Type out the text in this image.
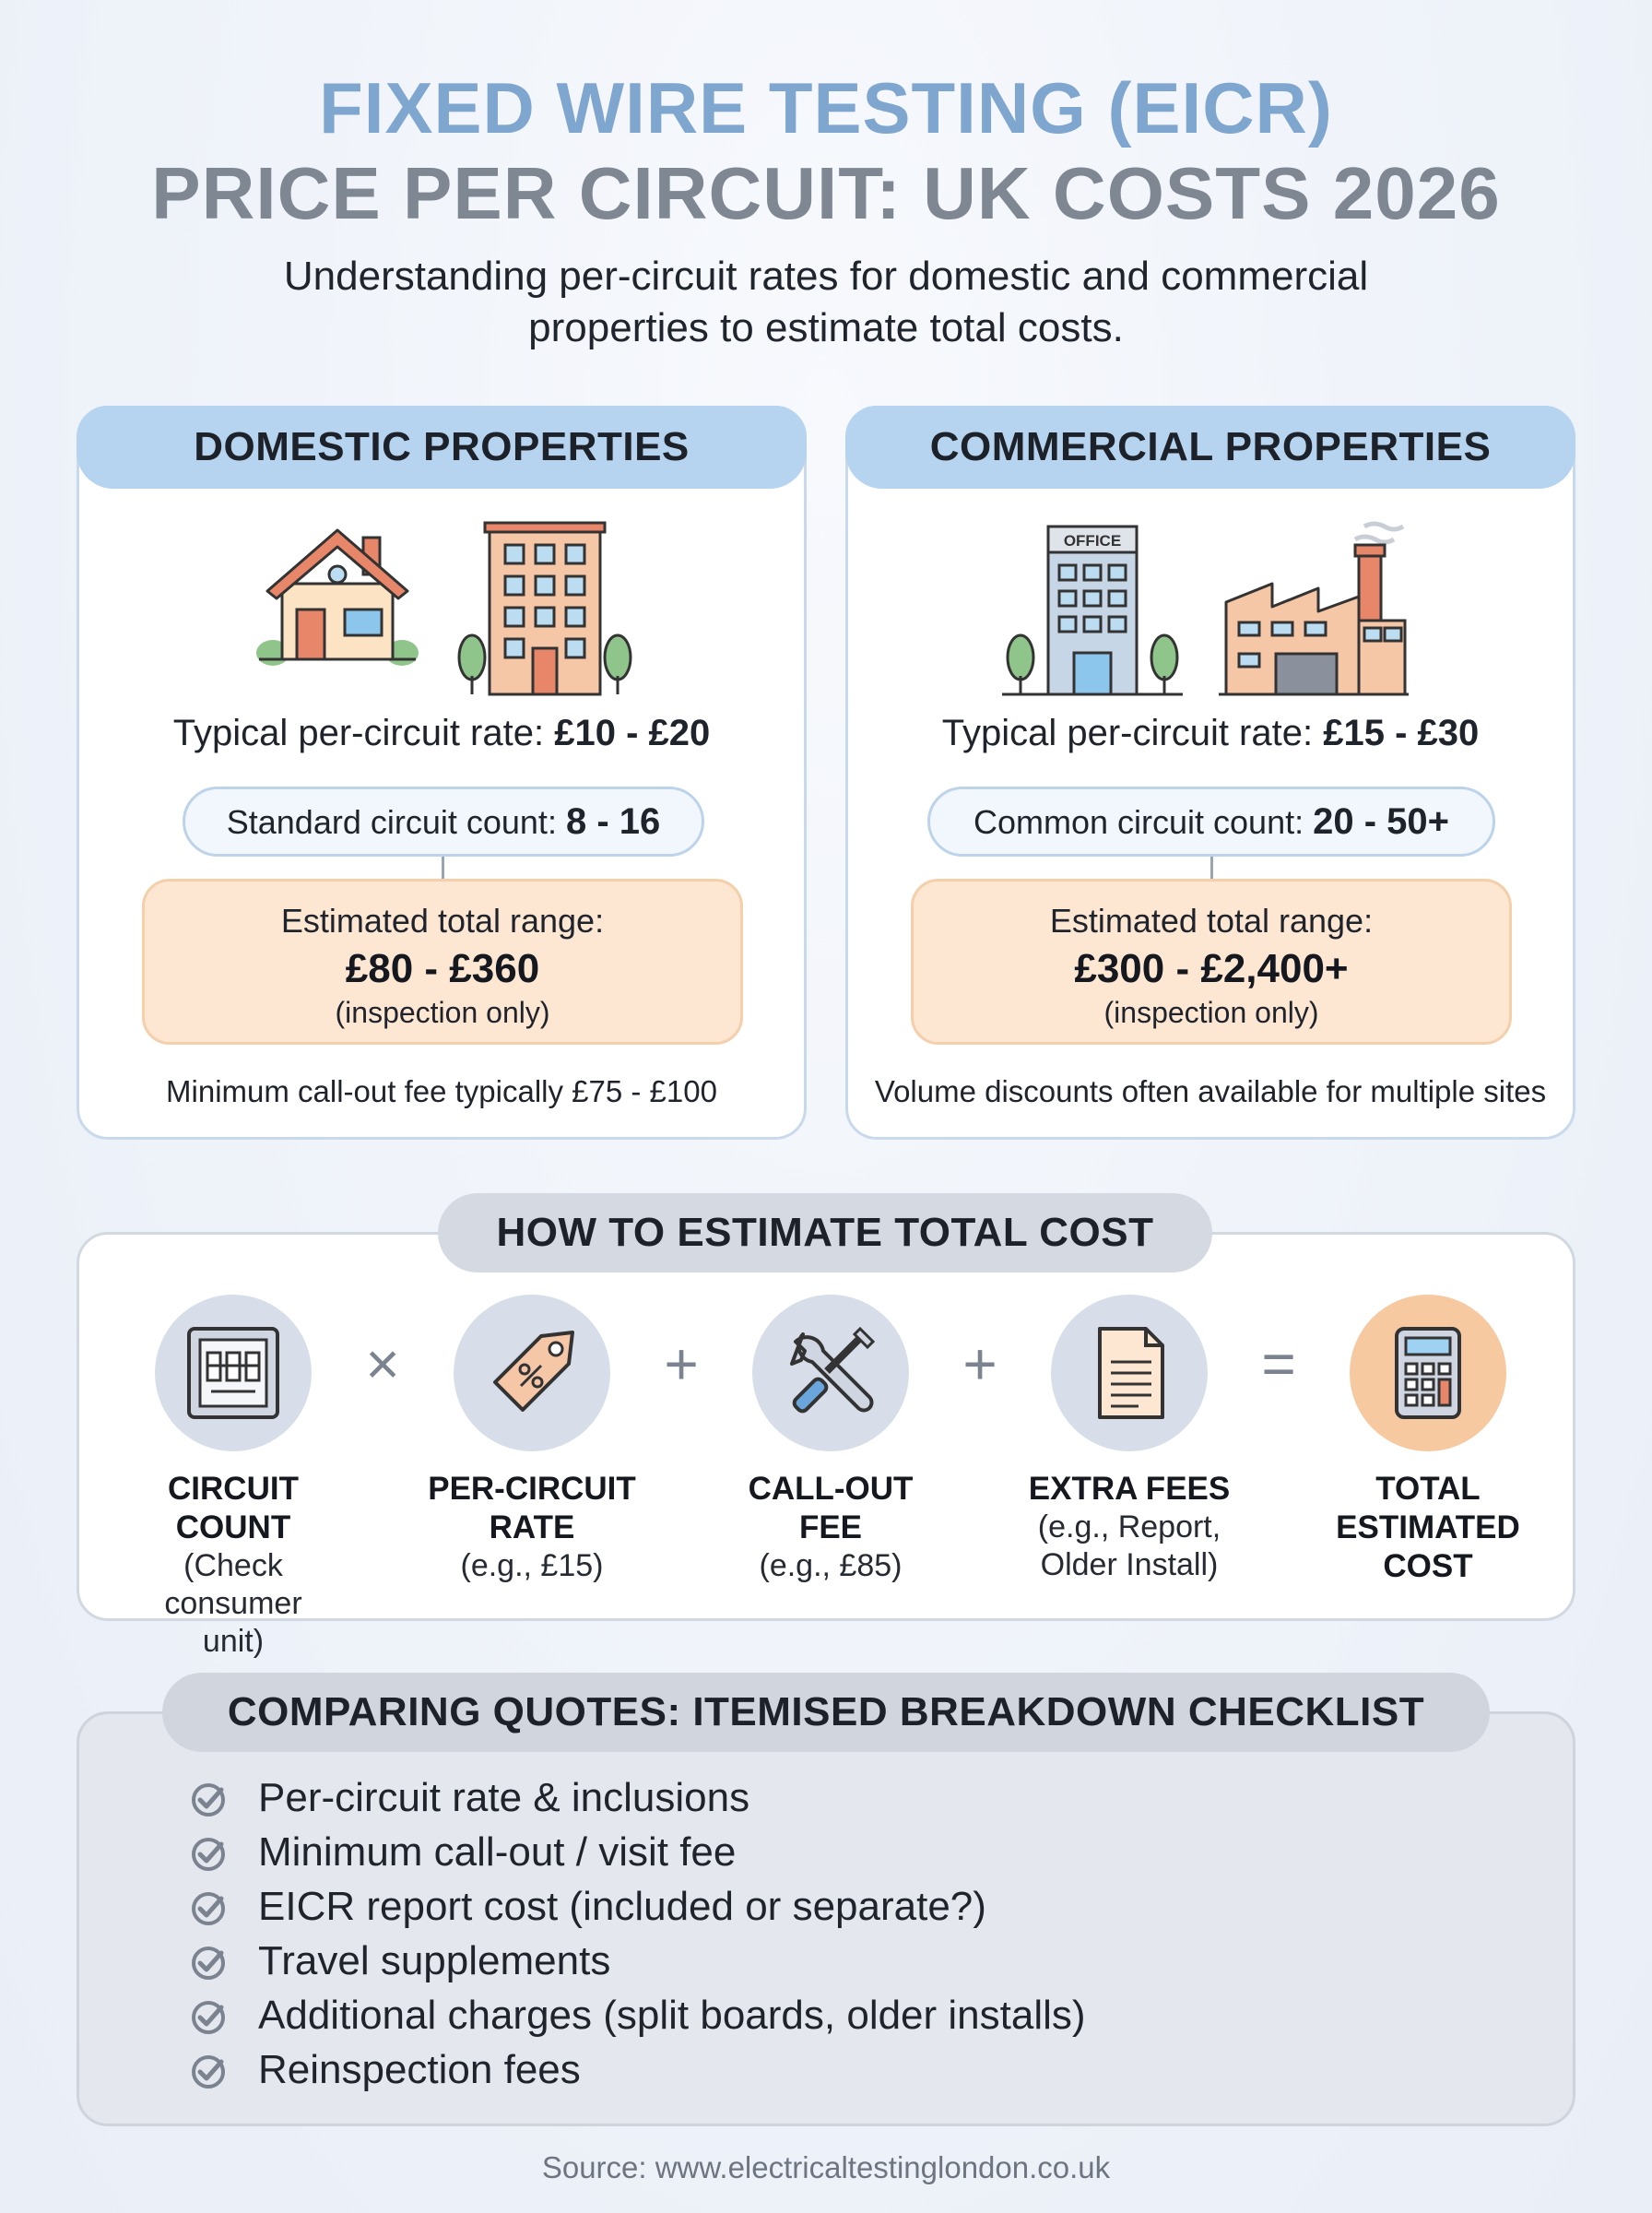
FIXED WIRE TESTING (EICR)
PRICE PER CIRCUIT: UK COSTS 2026
Understanding per-circuit rates for domestic and commercial
properties to estimate total costs.
DOMESTIC PROPERTIES
Typical per-circuit rate: £10 - £20
Standard circuit count: 8 - 16
Estimated total range:
£80 - £360
(inspection only)
Minimum call-out fee typically £75 - £100
COMMERCIAL PROPERTIES
OFFICE
Typical per-circuit rate: £15 - £30
Common circuit count: 20 - 50+
Estimated total range:
£300 - £2,400+
(inspection only)
Volume discounts often available for multiple sites
HOW TO ESTIMATE TOTAL COST
CIRCUIT COUNT
(Check consumer
unit)
×
PER-CIRCUIT
RATE
(e.g., £15)
+
CALL-OUT
FEE
(e.g., £85)
+
EXTRA FEES
(e.g., Report,
Older Install)
=
TOTAL
ESTIMATED
COST
COMPARING QUOTES: ITEMISED BREAKDOWN CHECKLIST
Per-circuit rate & inclusions
Minimum call-out / visit fee
EICR report cost (included or separate?)
Travel supplements
Additional charges (split boards, older installs)
Reinspection fees
Source: www.electricaltestinglondon.co.uk
